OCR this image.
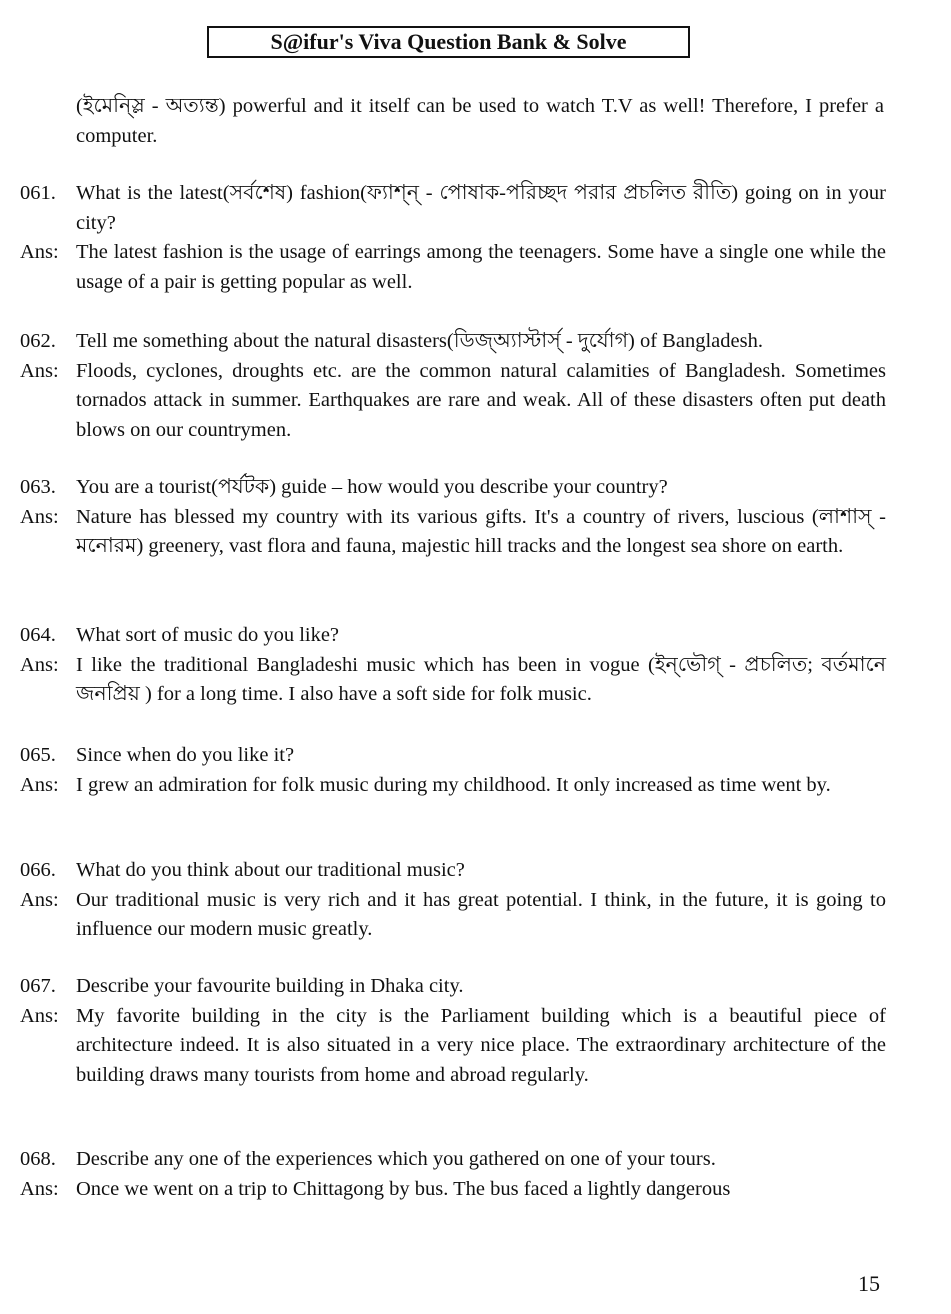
S@ifur's Viva Question Bank & Solve
(ইমেন্স্লি - অত্যন্ত) powerful and it itself can be used to watch T.V as well! Therefore, I prefer a computer.
061. What is the latest(সর্বশেষ) fashion(ফ্যাশ্ন্ - পোষাক-পরিচ্ছদ পরার প্রচলিত রীতি) going on in your city?
Ans: The latest fashion is the usage of earrings among the teenagers. Some have a single one while the usage of a pair is getting popular as well.
062. Tell me something about the natural disasters(ডিজ্অ্যাস্টার্স্ - দুর্যোগ) of Bangladesh.
Ans: Floods, cyclones, droughts etc. are the common natural calamities of Bangladesh. Sometimes tornados attack in summer. Earthquakes are rare and weak. All of these disasters often put death blows on our countrymen.
063. You are a tourist(পর্যটক) guide – how would you describe your country?
Ans: Nature has blessed my country with its various gifts. It's a country of rivers, luscious (লাশাস্ - মনোরম) greenery, vast flora and fauna, majestic hill tracks and the longest sea shore on earth.
064. What sort of music do you like?
Ans: I like the traditional Bangladeshi music which has been in vogue (ইন্‌ভৌগ্ - প্রচলিত; বর্তমানে জনপ্রিয় ) for a long time. I also have a soft side for folk music.
065. Since when do you like it?
Ans: I grew an admiration for folk music during my childhood. It only increased as time went by.
066. What do you think about our traditional music?
Ans: Our traditional music is very rich and it has great potential. I think, in the future, it is going to influence our modern music greatly.
067. Describe your favourite building in Dhaka city.
Ans: My favorite building in the city is the Parliament building which is a beautiful piece of architecture indeed. It is also situated in a very nice place. The extraordinary architecture of the building draws many tourists from home and abroad regularly.
068. Describe any one of the experiences which you gathered on one of your tours.
Ans: Once we went on a trip to Chittagong by bus. The bus faced a lightly dangerous
15
